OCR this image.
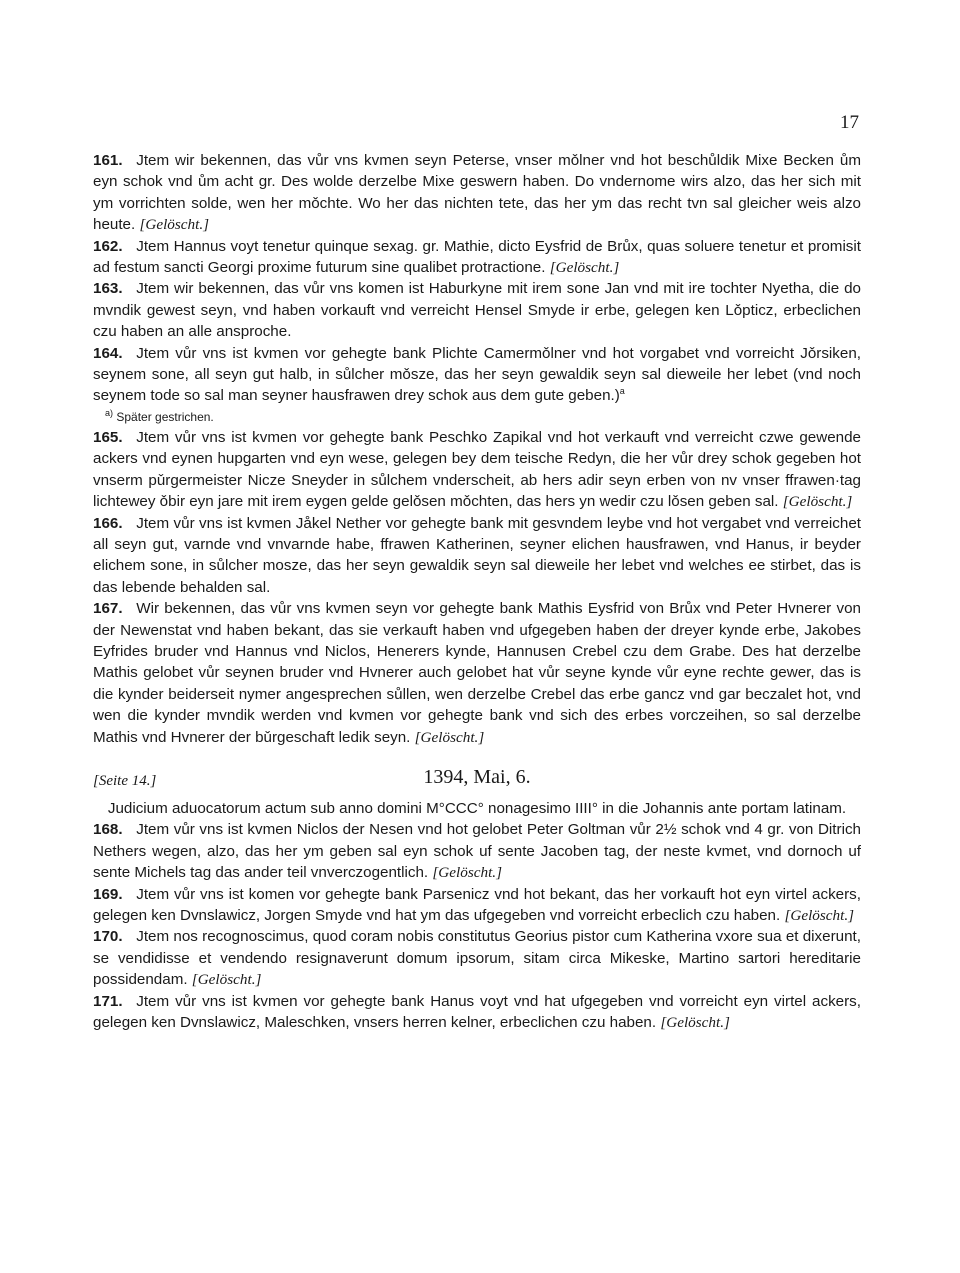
17

161. Jtem wir bekennen, das vůr vns kvmen seyn Peterse, vnser mǒlner vnd hot beschůldik Mixe Becken ům eyn schok vnd ům acht gr. Des wolde derzelbe Mixe geswern haben. Do vndernome wirs alzo, das her sich mit ym vorrichten solde, wen her mǒchte. Wo her das nichten tete, das her ym das recht tvn sal gleicher weis alzo heute. [Gelöscht.]

162. Jtem Hannus voyt tenetur quinque sexag. gr. Mathie, dicto Eysfrid de Brůx, quas soluere tenetur et promisit ad festum sancti Georgi proxime futurum sine qualibet protractione. [Gelöscht.]

163. Jtem wir bekennen, das vůr vns komen ist Haburkyne mit irem sone Jan vnd mit ire tochter Nyetha, die do mvndik gewest seyn, vnd haben vorkauft vnd verreicht Hensel Smyde ir erbe, gelegen ken Lǒpticz, erbeclichen czu haben an alle ansproche.

164. Jtem vůr vns ist kvmen vor gehegte bank Plichte Camermǒlner vnd hot vorgabet vnd vorreicht Jǒrsiken, seynem sone, all seyn gut halb, in sůlcher mǒsze, das her seyn gewaldik seyn sal dieweile her lebet (vnd noch seynem tode so sal man seyner hausfrawen drey schok aus dem gute geben.)$^a$

$^{a)}$ Später gestrichen.

165. Jtem vůr vns ist kvmen vor gehegte bank Peschko Zapikal vnd hot verkauft vnd verreicht czwe gewende ackers vnd eynen hupgarten vnd eyn wese, gelegen bey dem teische Redyn, die her vůr drey schok gegeben hot vnserm pǔrgermeister Nicze Sneyder in sůlchem vnderscheit, ab hers adir seyn erben von nv vnser ffrawen·tag lichtewey ǒbir eyn jare mit irem eygen gelde gelǒsen mǒchten, das hers yn wedir czu lǒsen geben sal. [Gelöscht.]

166. Jtem vůr vns ist kvmen Jåkel Nether vor gehegte bank mit gesvndem leybe vnd hot vergabet vnd verreichet all seyn gut, varnde vnd vnvarnde habe, ffrawen Katherinen, seyner elichen hausfrawen, vnd Hanus, ir beyder elichem sone, in sůlcher mosze, das her seyn gewaldik seyn sal dieweile her lebet vnd welches ee stirbet, das is das lebende behalden sal.

167. Wir bekennen, das vůr vns kvmen seyn vor gehegte bank Mathis Eysfrid von Brůx vnd Peter Hvnerer von der Newenstat vnd haben bekant, das sie verkauft haben vnd ufgegeben haben der dreyer kynde erbe, Jakobes Eyfrides bruder vnd Hannus vnd Niclos, Henerers kynde, Hannusen Crebel czu dem Grabe. Des hat derzelbe Mathis gelobet vůr seynen bruder vnd Hvnerer auch gelobet hat vůr seyne kynde vůr eyne rechte gewer, das is die kynder beiderseit nymer angesprechen sůllen, wen derzelbe Crebel das erbe gancz vnd gar beczalet hot, vnd wen die kynder mvndik werden vnd kvmen vor gehegte bank vnd sich des erbes vorczeihen, so sal derzelbe Mathis vnd Hvnerer der bǔrgeschaft ledik seyn. [Gelöscht.]

[Seite 14.]	1394, Mai, 6.

Judicium aduocatorum actum sub anno domini M°CCC° nonagesimo IIII° in die Johannis ante portam latinam.

168. Jtem vůr vns ist kvmen Niclos der Nesen vnd hot gelobet Peter Goltman vůr 2½ schok vnd 4 gr. von Ditrich Nethers wegen, alzo, das her ym geben sal eyn schok uf sente Jacoben tag, der neste kvmet, vnd dornoch uf sente Michels tag das ander teil vnverczogentlich. [Gelöscht.]

169. Jtem vůr vns ist komen vor gehegte bank Parsenicz vnd hot bekant, das her vorkauft hot eyn virtel ackers, gelegen ken Dvnslawicz, Jorgen Smyde vnd hat ym das ufgegeben vnd vorreicht erbeclich czu haben. [Gelöscht.]

170. Jtem nos recognoscimus, quod coram nobis constitutus Georius pistor cum Katherina vxore sua et dixerunt, se vendidisse et vendendo resignaverunt domum ipsorum, sitam circa Mikeske, Martino sartori hereditarie possidendam. [Gelöscht.]

171. Jtem vůr vns ist kvmen vor gehegte bank Hanus voyt vnd hat ufgegeben vnd vorreicht eyn virtel ackers, gelegen ken Dvnslawicz, Maleschken, vnsers herren kelner, erbeclichen czu haben. [Gelöscht.]
